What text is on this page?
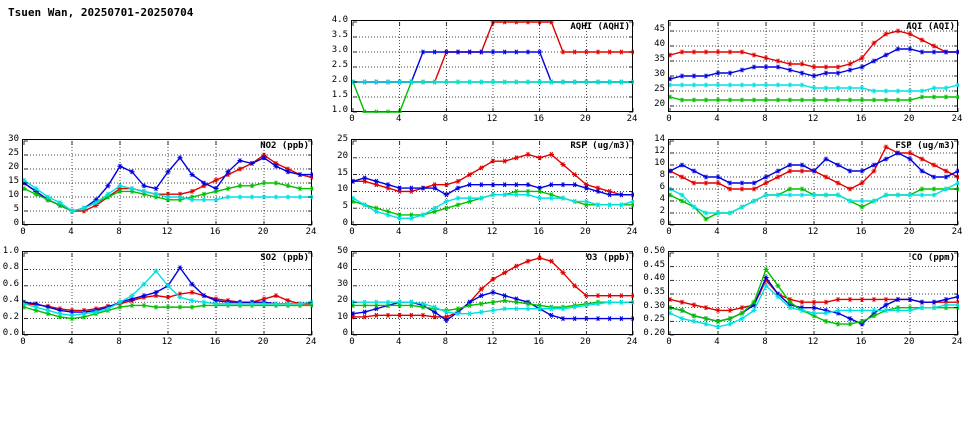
Tsuen Wan, 20250701-20250704
AQHI (AQHI)
0	4	8	12	16	20	24
1.0
1.5
2.0
2.5
3.0
3.5
4.0
AQI (AQI)
0	4	8	12	16	20	24
20
25
30
35
40
45
NO2 (ppb)
0	4	8	12	16	20	24
0
5
10
15
20
25
30
RSP (ug/m3)
0	4	8	12	16	20	24
0
5
10
15
20
25
FSP (ug/m3)
0	4	8	12	16	20	24
0
2
4
6
8
10
12
14
SO2 (ppb)
0	4	8	12	16	20	24
0.0
0.2
0.4
0.6
0.8
1.0
O3 (ppb)
0	4	8	12	16	20	24
0
10
20
30
40
50
CO (ppm)
0	4	8	12	16	20	24
0.20
0.25
0.30
0.35
0.40
0.45
0.50
